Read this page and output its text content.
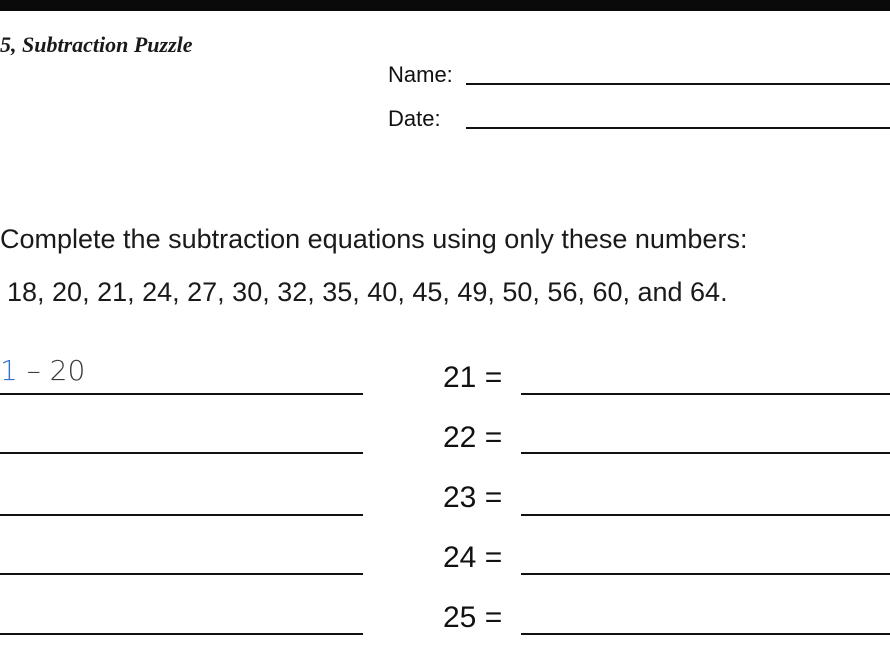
5, Subtraction Puzzle
Name:
Date:
Complete the subtraction equations using only these numbers:
18, 20, 21, 24, 27, 30, 32, 35, 40, 45, 49, 50, 56, 60, and 64.
1 – 20	21 =
22 =
23 =
24 =
25 =
